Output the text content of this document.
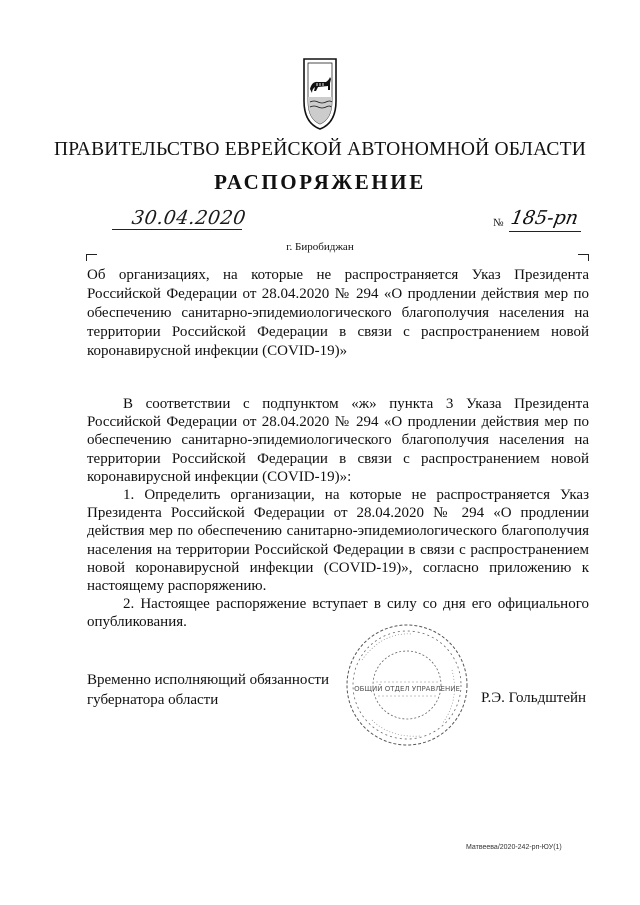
ПРАВИТЕЛЬСТВО ЕВРЕЙСКОЙ АВТОНОМНОЙ ОБЛАСТИ
РАСПОРЯЖЕНИЕ
30.04.2020	№ 185-рп
г. Биробиджан
Об организациях, на которые не распространяется Указ Президента Российской Федерации от 28.04.2020 № 294 «О продлении действия мер по обеспечению санитарно-эпидемиологического благополучия населения на территории Российской Федерации в связи с распространением новой коронавирусной инфекции (COVID-19)»

В соответствии с подпунктом «ж» пункта 3 Указа Президента Российской Федерации от 28.04.2020 № 294 «О продлении действия мер по обеспечению санитарно-эпидемиологического благополучия населения на территории Российской Федерации в связи с распространением новой коронавирусной инфекции (COVID-19)»:

1. Определить организации, на которые не распространяется Указ Президента Российской Федерации от 28.04.2020 № 294 «О продлении действия мер по обеспечению санитарно-эпидемиологического благополучия населения на территории Российской Федерации в связи с распространением новой коронавирусной инфекции (COVID-19)», согласно приложению к настоящему распоряжению.

2. Настоящее распоряжение вступает в силу со дня его официального опубликования.

Временно исполняющий обязанности
губернатора области
ОБЩИЙ ОТДЕЛ УПРАВЛЕНИЕ
Р.Э. Гольдштейн
Матвеева/2020-242-рп-ЮУ(1)
